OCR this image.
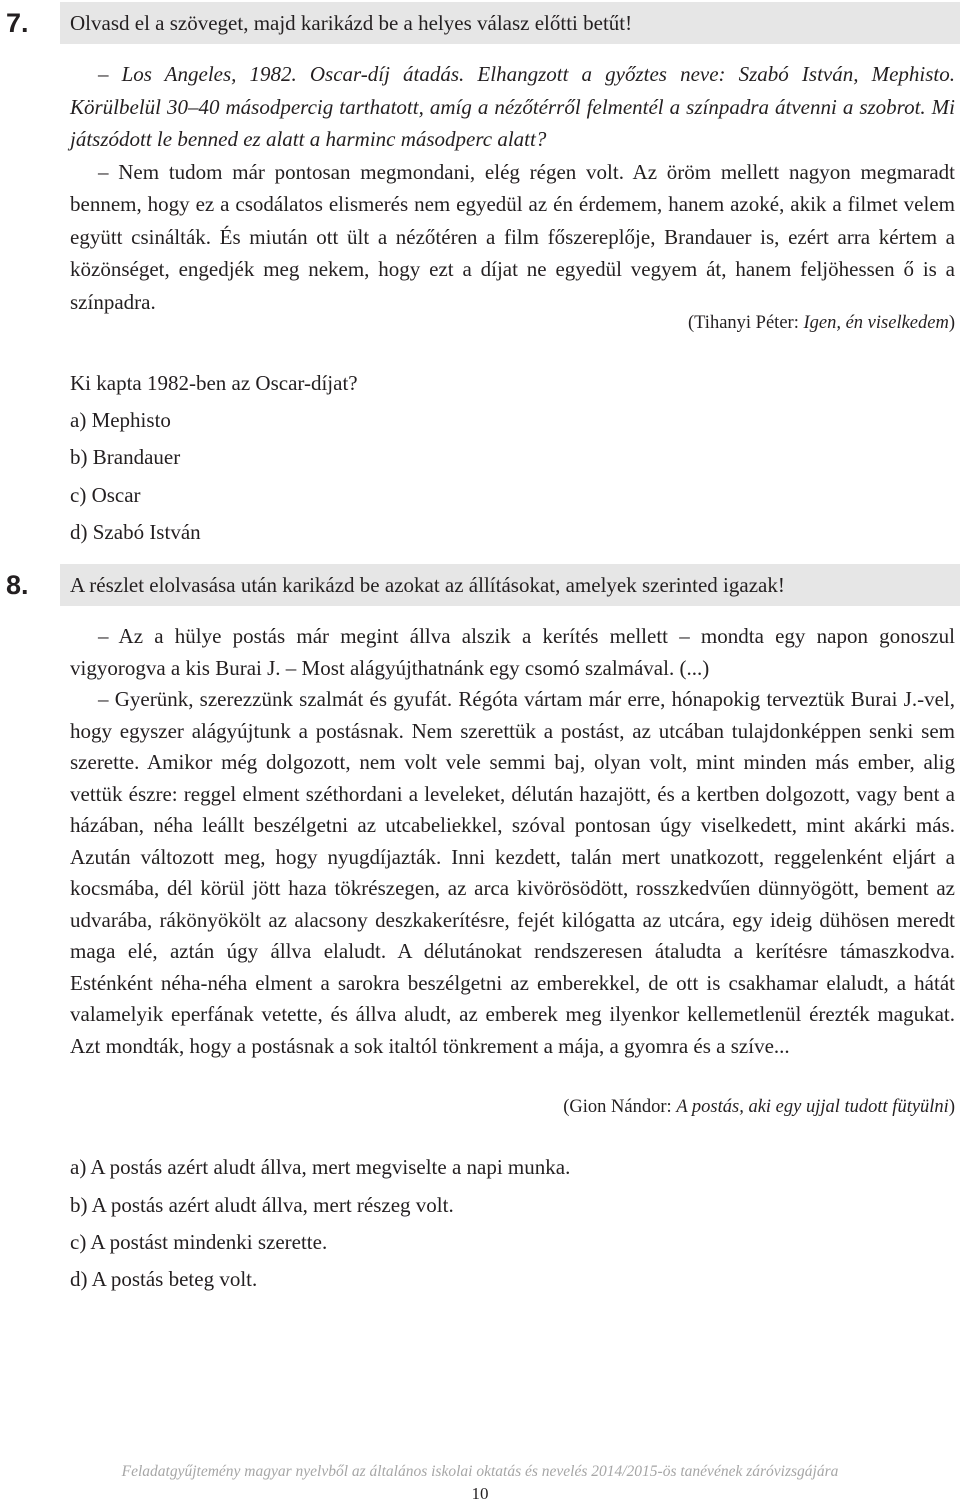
7.	Olvasd el a szöveget, majd karikázd be a helyes válasz előtti betűt!

– Los Angeles, 1982. Oscar-díj átadás. Elhangzott a győztes neve: Szabó István, Mephisto. Körülbelül 30–40 másodpercig tarthatott, amíg a nézőtérről felmentél a színpadra átvenni a szobrot. Mi játszódott le benned ez alatt a harminc másodperc alatt?

– Nem tudom már pontosan megmondani, elég régen volt. Az öröm mellett nagyon megmaradt bennem, hogy ez a csodálatos elismerés nem egyedül az én érdemem, hanem azoké, akik a filmet velem együtt csinálták. És miután ott ült a nézőtéren a film főszereplője, Brandauer is, ezért arra kértem a közönséget, engedjék meg nekem, hogy ezt a díjat ne egyedül vegyem át, hanem feljöhessen ő is a színpadra.

(Tihanyi Péter: Igen, én viselkedem)
Ki kapta 1982-ben az Oscar-díjat?
a) Mephisto
b) Brandauer
c) Oscar
d) Szabó István
8.	A részlet elolvasása után karikázd be azokat az állításokat, amelyek szerinted igazak!

– Az a hülye postás már megint állva alszik a kerítés mellett – mondta egy napon gonoszul vigyorogva a kis Burai J. – Most alágyújthatnánk egy csomó szalmával. (...)

– Gyerünk, szerezzünk szalmát és gyufát. Régóta vártam már erre, hónapokig terveztük Burai J.-vel, hogy egyszer alágyújtunk a postásnak. Nem szerettük a postást, az utcában tulajdonképpen senki sem szerette. Amikor még dolgozott, nem volt vele semmi baj, olyan volt, mint minden más ember, alig vettük észre: reggel elment széthordani a leveleket, délután hazajött, és a kertben dolgozott, vagy bent a házában, néha leállt beszélgetni az utcabeliekkel, szóval pontosan úgy viselkedett, mint akárki más. Azután változott meg, hogy nyugdíjazták. Inni kezdett, talán mert unatkozott, reggelenként eljárt a kocsmába, dél körül jött haza tökrészegen, az arca kivörösödött, rosszkedvűen dünnyögött, bement az udvarába, rákönyökölt az alacsony deszkakerítésre, fejét kilógatta az utcára, egy ideig dühösen meredt maga elé, aztán úgy állva elaludt. A délutánokat rendszeresen átaludta a kerítésre támaszkodva. Esténként néha-néha elment a sarokra beszélgetni az emberekkel, de ott is csakhamar elaludt, a hátát valamelyik eperfának vetette, és állva aludt, az emberek meg ilyenkor kellemetlenül érezték magukat. Azt mondták, hogy a postásnak a sok italtól tönkrement a mája, a gyomra és a szíve...

(Gion Nándor: A postás, aki egy ujjal tudott fütyülni)
a) A postás azért aludt állva, mert megviselte a napi munka.
b) A postás azért aludt állva, mert részeg volt.
c) A postást mindenki szerette.
d) A postás beteg volt.
Feladatgyűjtemény magyar nyelvből az általános iskolai oktatás és nevelés 2014/2015-ös tanévének záróvizsgájára
10
